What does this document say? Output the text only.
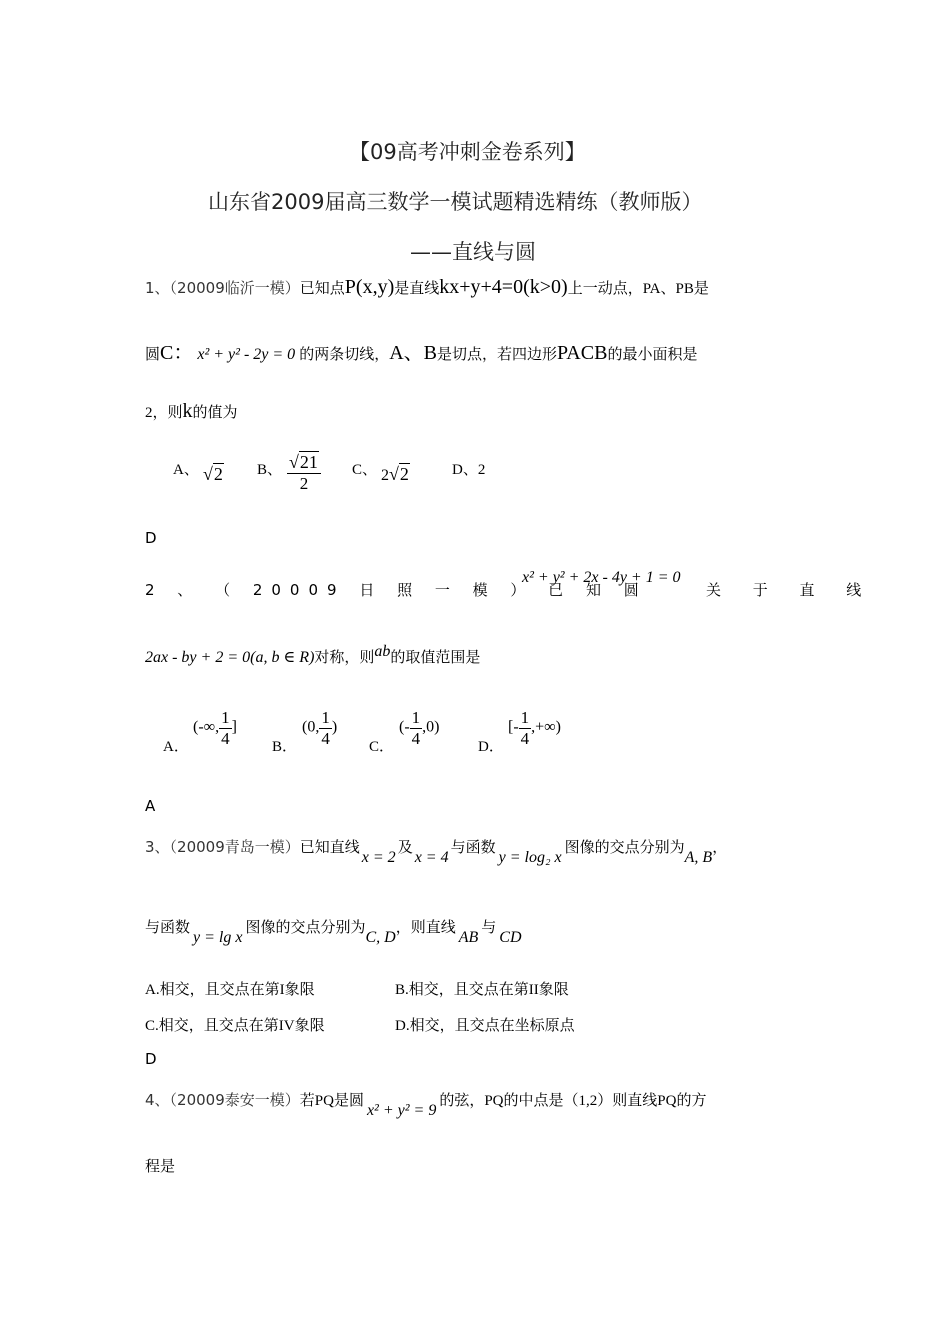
【09高考冲刺金卷系列】
山东省2009届高三数学一模试题精选精练（教师版）
——直线与圆
1、（20009临沂一模）已知点P(x,y)是直线kx+y+4=0(k>0)上一动点，PA、PB是
圆C： x² + y² - 2y = 0 的两条切线，A、B是切点，若四边形PACB的最小面积是
2，则k的值为
A、 √2 B、 $\frac{√21}{2}$ C、 2√2	D、2
D
2 、 （ 20009 日 照 一 模 ） 已 知 圆
x² + y² + 2x - 4y + 1 = 0
关 于 直 线
2ax - by + 2 = 0(a, b ∈ R)对称，则ab的取值范围是
A．
(-∞, $\frac{1}{4}$ ]
B．
(0, $\frac{1}{4}$ )
C．
(- $\frac{1}{4} ,0$)
D．
[- $\frac{1}{4}$ ,+∞)
A
3、（20009青岛一模）已知直线x = 2及x = 4与函数y = log₂ x图像的交点分别为A, B，
与函数y = lg x图像的交点分别为C, D，则直线AB与CD
A.相交，且交点在第I象限	B.相交，且交点在第II象限
C.相交，且交点在第IV象限	D.相交，且交点在坐标原点
D
4、（20009泰安一模）若PQ是圆x² + y² = 9的弦，PQ的中点是（1,2）则直线PQ的方
程是
